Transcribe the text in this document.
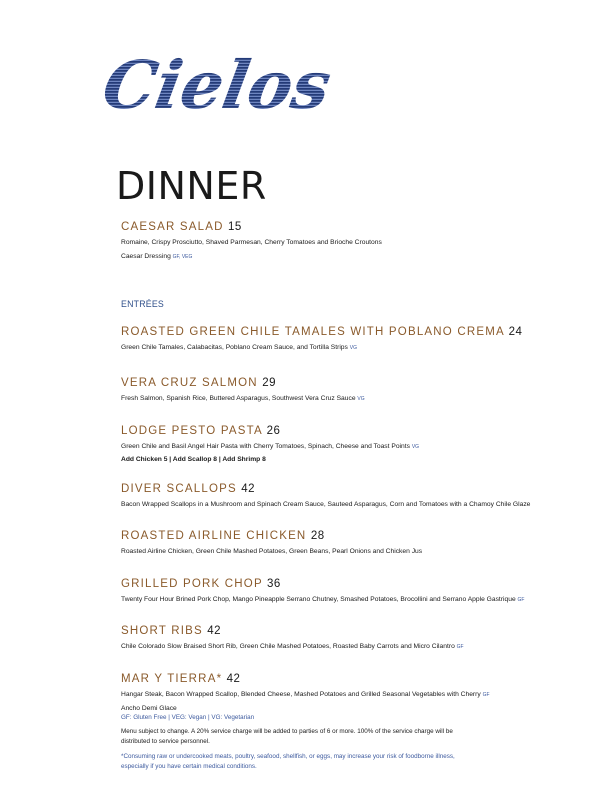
Cielos
DINNER
CAESAR SALAD 15
Romaine, Crispy Prosciutto, Shaved Parmesan, Cherry Tomatoes and Brioche Croutons
Caesar Dressing GF, VEG
ENTRÉES
ROASTED GREEN CHILE TAMALES WITH POBLANO CREMA 24
Green Chile Tamales, Calabacitas, Poblano Cream Sauce, and Tortilla Strips VG
VERA CRUZ SALMON 29
Fresh Salmon, Spanish Rice, Buttered Asparagus, Southwest Vera Cruz Sauce VG
LODGE PESTO PASTA 26
Green Chile and Basil Angel Hair Pasta with Cherry Tomatoes, Spinach, Cheese and Toast Points VG
Add Chicken 5 | Add Scallop 8 | Add Shrimp 8
DIVER SCALLOPS 42
Bacon Wrapped Scallops in a Mushroom and Spinach Cream Sauce, Sauteed Asparagus, Corn and Tomatoes with a Chamoy Chile Glaze
ROASTED AIRLINE CHICKEN 28
Roasted Airline Chicken, Green Chile Mashed Potatoes, Green Beans, Pearl Onions and Chicken Jus
GRILLED PORK CHOP 36
Twenty Four Hour Brined Pork Chop, Mango Pineapple Serrano Chutney, Smashed Potatoes, Brocollini and Serrano Apple Gastrique GF
SHORT RIBS 42
Chile Colorado Slow Braised Short Rib, Green Chile Mashed Potatoes, Roasted Baby Carrots and Micro Cilantro GF
MAR Y TIERRA* 42
Hangar Steak, Bacon Wrapped Scallop, Blended Cheese, Mashed Potatoes and Grilled Seasonal Vegetables with Cherry GF
Ancho Demi Glace
GF: Gluten Free | VEG: Vegan | VG: Vegetarian
Menu subject to change. A 20% service charge will be added to parties of 6 or more. 100% of the service charge will be distributed to service personnel.
*Consuming raw or undercooked meats, poultry, seafood, shellfish, or eggs, may increase your risk of foodborne illness, especially if you have certain medical conditions.
